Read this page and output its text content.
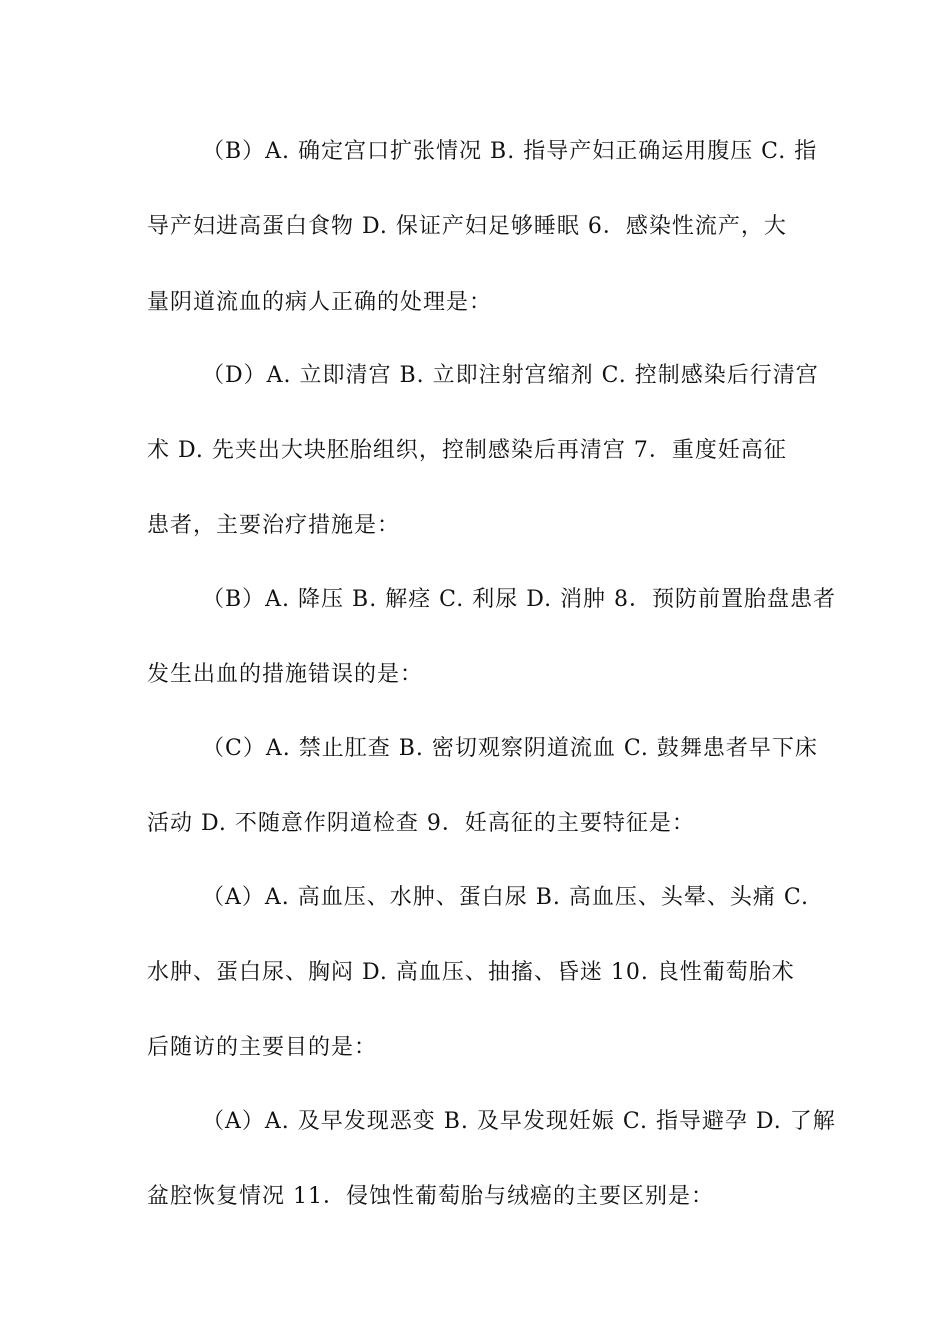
（B）A. 确定宫口扩张情况 B. 指导产妇正确运用腹压 C. 指
导产妇进高蛋白食物 D. 保证产妇足够睡眠 6．感染性流产，大
量阴道流血的病人正确的处理是：
（D）A. 立即清宫 B. 立即注射宫缩剂 C. 控制感染后行清宫
术 D. 先夹出大块胚胎组织，控制感染后再清宫 7．重度妊高征
患者，主要治疗措施是：
（B）A. 降压 B. 解痉 C. 利尿 D. 消肿 8．预防前置胎盘患者
发生出血的措施错误的是：
（C）A. 禁止肛查 B. 密切观察阴道流血 C. 鼓舞患者早下床
活动 D. 不随意作阴道检查 9．妊高征的主要特征是：
（A）A. 高血压、水肿、蛋白尿 B. 高血压、头晕、头痛 C.
水肿、蛋白尿、胸闷 D. 高血压、抽搐、昏迷 10. 良性葡萄胎术
后随访的主要目的是：
（A）A. 及早发现恶变 B. 及早发现妊娠 C. 指导避孕 D. 了解
盆腔恢复情况 11．侵蚀性葡萄胎与绒癌的主要区别是：
